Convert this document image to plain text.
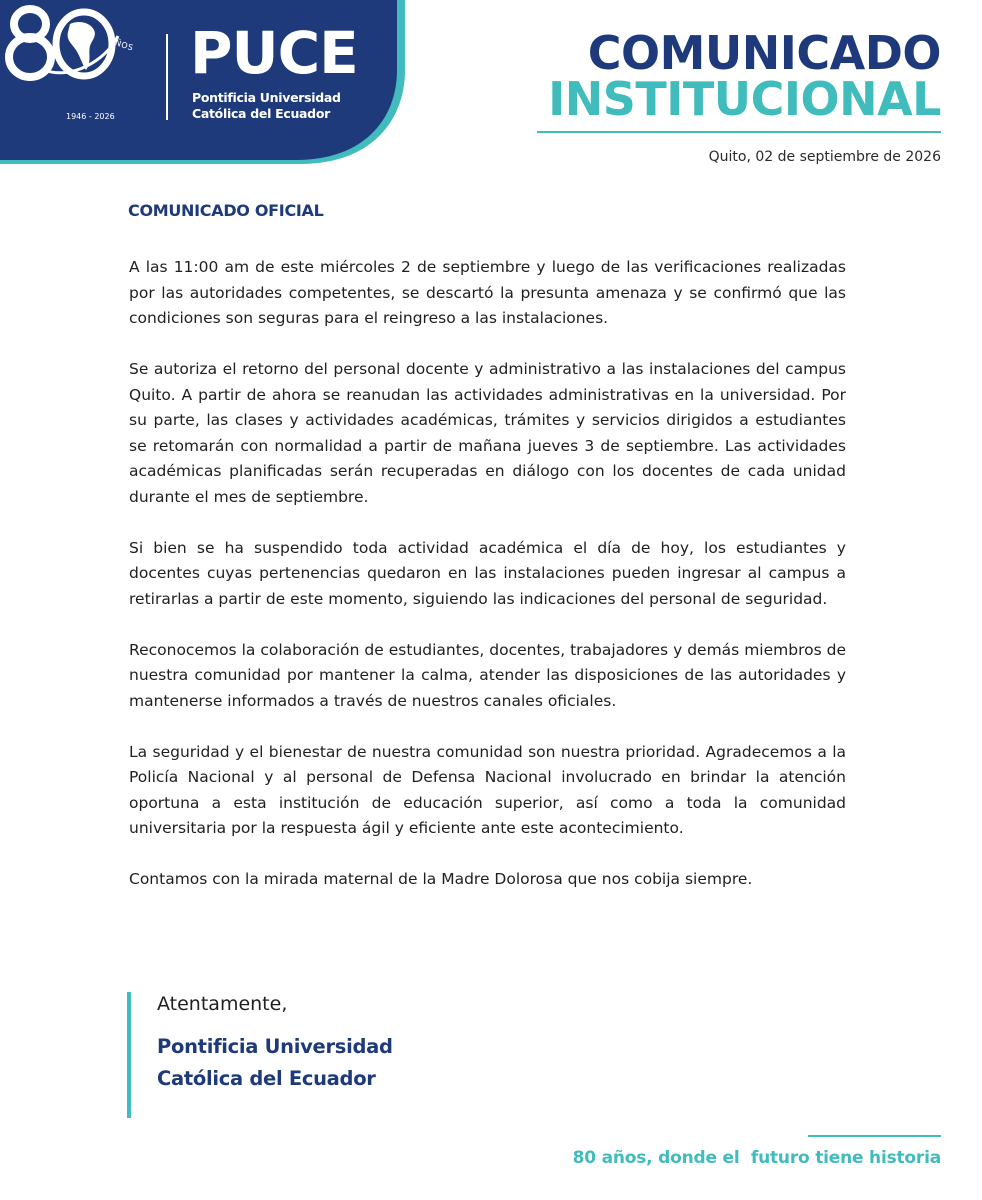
AÑOS
1946 - 2026
PUCE
Pontificia Universidad
Católica del Ecuador
COMUNICADO
INSTITUCIONAL
Quito, 02 de septiembre de 2026
COMUNICADO OFICIAL

A las 11:00 am de este miércoles 2 de septiembre y luego de las verificaciones realizadas por las autoridades competentes, se descartó la presunta amenaza y se confirmó que las condiciones son seguras para el reingreso a las instalaciones.

Se autoriza el retorno del personal docente y administrativo a las instalaciones del campus Quito. A partir de ahora se reanudan las actividades administrativas en la universidad. Por su parte, las clases y actividades académicas, trámites y servicios dirigidos a estudiantes se retomarán con normalidad a partir de mañana jueves 3 de septiembre. Las actividades académicas planificadas serán recuperadas en diálogo con los docentes de cada unidad durante el mes de septiembre.

Si bien se ha suspendido toda actividad académica el día de hoy, los estudiantes y docentes cuyas pertenencias quedaron en las instalaciones pueden ingresar al campus a retirarlas a partir de este momento, siguiendo las indicaciones del personal de seguridad.

Reconocemos la colaboración de estudiantes, docentes, trabajadores y demás miembros de nuestra comunidad por mantener la calma, atender las disposiciones de las autoridades y mantenerse informados a través de nuestros canales oficiales.

La seguridad y el bienestar de nuestra comunidad son nuestra prioridad. Agradecemos a la Policía Nacional y al personal de Defensa Nacional involucrado en brindar la atención oportuna a esta institución de educación superior, así como a toda la comunidad universitaria por la respuesta ágil y eficiente ante este acontecimiento.

Contamos con la mirada maternal de la Madre Dolorosa que nos cobija siempre.

Atentamente,
Pontificia Universidad
Católica del Ecuador
80 años, donde el  futuro tiene historia
